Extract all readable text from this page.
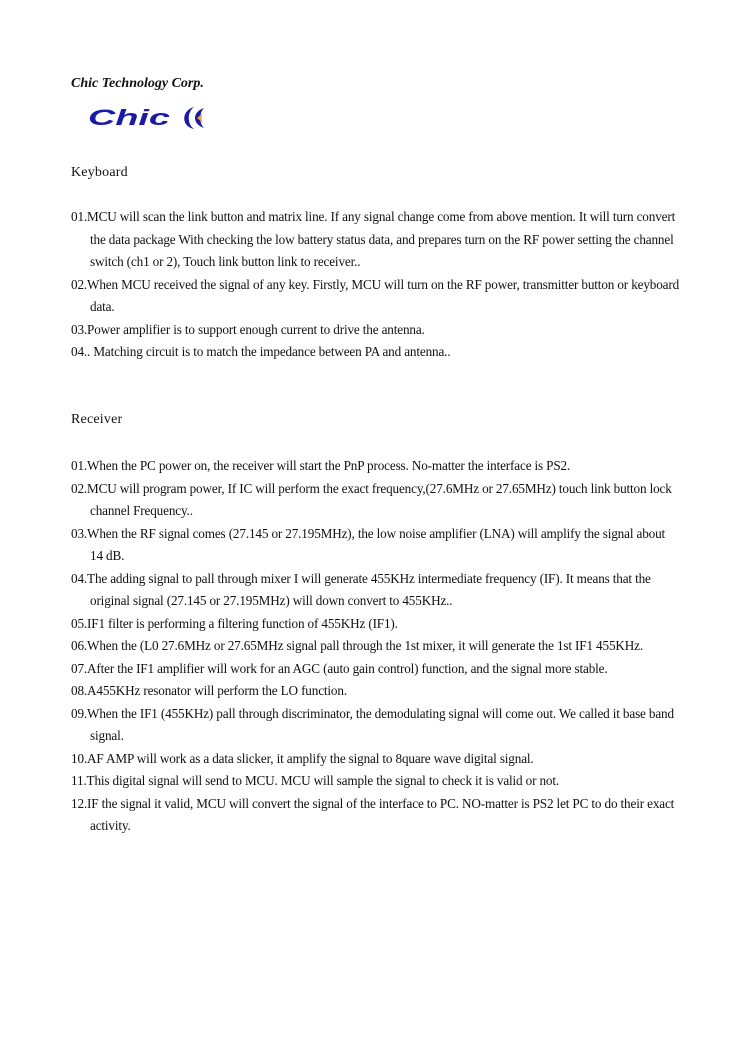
Chic Technology Corp.
Chic
Keyboard
01.MCU will scan the link button and matrix line. If any signal change come from above mention. It will turn convert the data package With checking the low battery status data, and prepares turn on the RF power setting the channel switch (ch1 or 2), Touch link button link to receiver..
02.When MCU received the signal of any key. Firstly, MCU will turn on the RF power, transmitter button or keyboard data.
03.Power amplifier is to support enough current to drive the antenna.
04.. Matching circuit is to match the impedance between PA and antenna..
Receiver
01.When the PC power on, the receiver will start the PnP process. No-matter the interface is PS2.
02.MCU will program power, If IC will perform the exact frequency,(27.6MHz or 27.65MHz) touch link button lock channel Frequency..
03.When the RF signal comes (27.145 or 27.195MHz), the low noise amplifier (LNA) will amplify the signal about 14 dB.
04.The adding signal to pall through mixer I will generate 455KHz intermediate frequency (IF). It means that the original signal (27.145 or 27.195MHz) will down convert to 455KHz..
05.IF1 filter is performing a filtering function of 455KHz (IF1).
06.When the (L0 27.6MHz or 27.65MHz signal pall through the 1st mixer, it will generate the 1st IF1 455KHz.
07.After the IF1 amplifier will work for an AGC (auto gain control) function, and the signal more stable.
08.A455KHz resonator will perform the LO function.
09.When the IF1 (455KHz) pall through discriminator, the demodulating signal will come out. We called it base band signal.
10.AF AMP will work as a data slicker, it amplify the signal to 8quare wave digital signal.
11.This digital signal will send to MCU. MCU will sample the signal to check it is valid or not.
12.IF the signal it valid, MCU will convert the signal of the interface to PC. NO-matter is PS2 let PC to do their exact activity.
